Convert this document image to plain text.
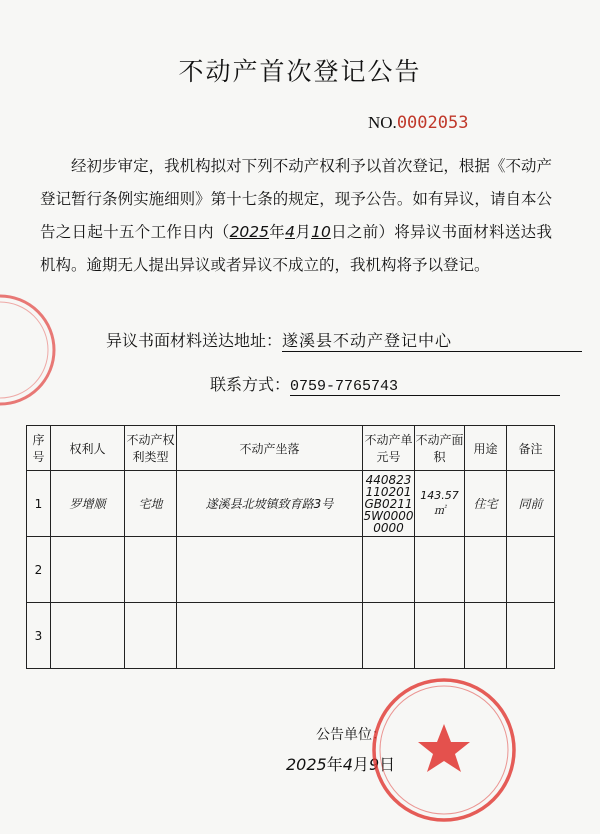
不动产首次登记公告
NO.0002053
经初步审定，我机构拟对下列不动产权利予以首次登记，根据《不动产登记暂行条例实施细则》第十七条的规定，现予公告。如有异议，请自本公告之日起十五个工作日内（2025年4月10日之前）将异议书面材料送达我机构。逾期无人提出异议或者异议不成立的，我机构将予以登记。
异议书面材料送达地址：遂溪县不动产登记中心
联系方式：0759-7765743
序号	权利人	不动产权利类型	不动产坐落	不动产单元号	不动产面积	用途	备注
1	罗增顺	宅地	遂溪县北坡镇致育路3号	440823110201GB02115W00000000	143.57㎡	住宅	同前
2							
3							
公告单位：
2025年4月9日
